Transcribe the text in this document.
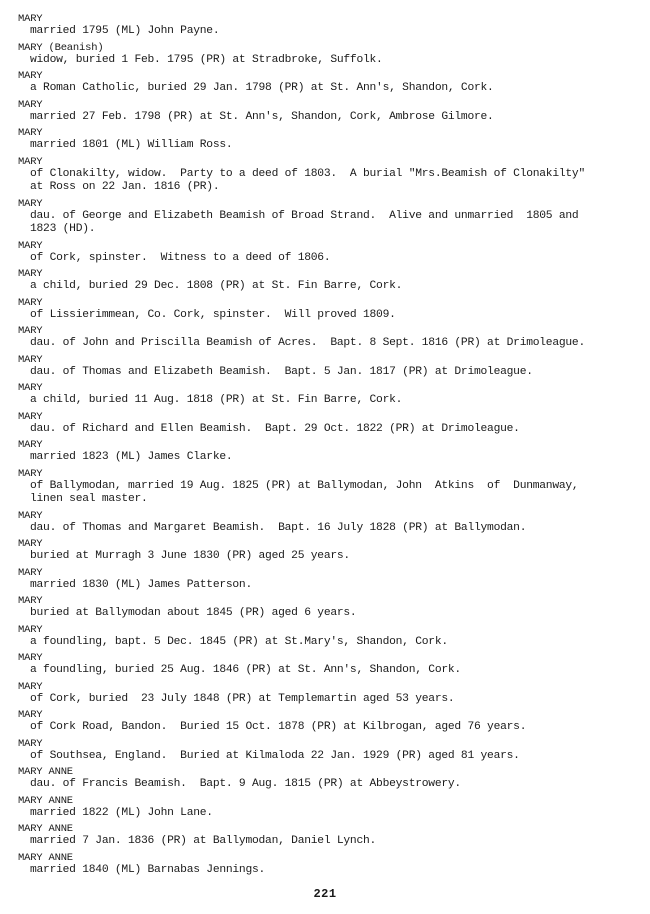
MARY
married 1795 (ML) John Payne.
MARY (Beanish)
widow, buried 1 Feb. 1795 (PR) at Stradbroke, Suffolk.
MARY
a Roman Catholic, buried 29 Jan. 1798 (PR) at St. Ann's, Shandon, Cork.
MARY
married 27 Feb. 1798 (PR) at St. Ann's, Shandon, Cork, Ambrose Gilmore.
MARY
married 1801 (ML) William Ross.
MARY
of Clonakilty, widow.  Party to a deed of 1803.  A burial "Mrs.Beamish of Clonakilty"
at Ross on 22 Jan. 1816 (PR).
MARY
dau. of George and Elizabeth Beamish of Broad Strand.  Alive and unmarried  1805 and
1823 (HD).
MARY
of Cork, spinster.  Witness to a deed of 1806.
MARY
a child, buried 29 Dec. 1808 (PR) at St. Fin Barre, Cork.
MARY
of Lissierimmean, Co. Cork, spinster.  Will proved 1809.
MARY
dau. of John and Priscilla Beamish of Acres.  Bapt. 8 Sept. 1816 (PR) at Drimoleague.
MARY
dau. of Thomas and Elizabeth Beamish.  Bapt. 5 Jan. 1817 (PR) at Drimoleague.
MARY
a child, buried 11 Aug. 1818 (PR) at St. Fin Barre, Cork.
MARY
dau. of Richard and Ellen Beamish.  Bapt. 29 Oct. 1822 (PR) at Drimoleague.
MARY
married 1823 (ML) James Clarke.
MARY
of Ballymodan, married 19 Aug. 1825 (PR) at Ballymodan, John  Atkins  of  Dunmanway,
linen seal master.
MARY
dau. of Thomas and Margaret Beamish.  Bapt. 16 July 1828 (PR) at Ballymodan.
MARY
buried at Murragh 3 June 1830 (PR) aged 25 years.
MARY
married 1830 (ML) James Patterson.
MARY
buried at Ballymodan about 1845 (PR) aged 6 years.
MARY
a foundling, bapt. 5 Dec. 1845 (PR) at St.Mary's, Shandon, Cork.
MARY
a foundling, buried 25 Aug. 1846 (PR) at St. Ann's, Shandon, Cork.
MARY
of Cork, buried  23 July 1848 (PR) at Templemartin aged 53 years.
MARY
of Cork Road, Bandon.  Buried 15 Oct. 1878 (PR) at Kilbrogan, aged 76 years.
MARY
of Southsea, England.  Buried at Kilmaloda 22 Jan. 1929 (PR) aged 81 years.
MARY ANNE
dau. of Francis Beamish.  Bapt. 9 Aug. 1815 (PR) at Abbeystrowery.
MARY ANNE
married 1822 (ML) John Lane.
MARY ANNE
married 7 Jan. 1836 (PR) at Ballymodan, Daniel Lynch.
MARY ANNE
married 1840 (ML) Barnabas Jennings.
221
